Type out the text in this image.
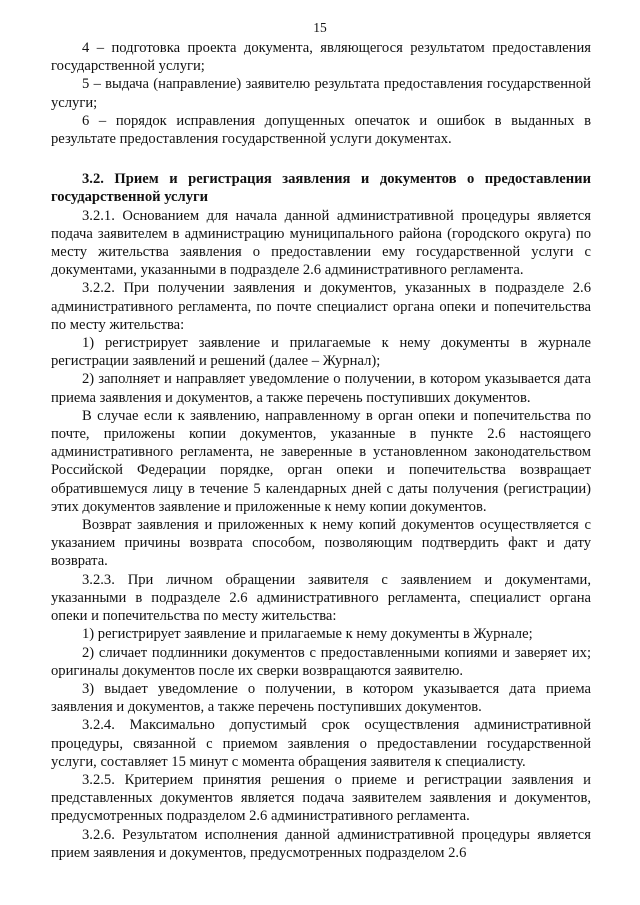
15

4 – подготовка проекта документа, являющегося результатом предоставления государственной услуги;

5 – выдача (направление) заявителю результата предоставления государственной услуги;

6 – порядок исправления допущенных опечаток и ошибок в выданных в результате предоставления государственной услуги документах.

3.2. Прием и регистрация заявления и документов о предоставлении государственной услуги

3.2.1. Основанием для начала данной административной процедуры является подача заявителем в администрацию муниципального района (городского округа) по месту жительства заявления о предоставлении ему государственной услуги с документами, указанными в подразделе 2.6 административного регламента.

3.2.2. При получении заявления и документов, указанных в подразделе 2.6 административного регламента, по почте специалист органа опеки и попечительства по месту жительства:

1) регистрирует заявление и прилагаемые к нему документы в журнале регистрации заявлений и решений (далее – Журнал);

2) заполняет и направляет уведомление о получении, в котором указывается дата приема заявления и документов, а также перечень поступивших документов.

В случае если к заявлению, направленному в орган опеки и попечительства по почте, приложены копии документов, указанные в пункте 2.6 настоящего административного регламента, не заверенные в установленном законодательством Российской Федерации порядке, орган опеки и попечительства возвращает обратившемуся лицу в течение 5 календарных дней с даты получения (регистрации) этих документов заявление и приложенные к нему копии документов.

Возврат заявления и приложенных к нему копий документов осуществляется с указанием причины возврата способом, позволяющим подтвердить факт и дату возврата.

3.2.3. При личном обращении заявителя с заявлением и документами, указанными в подразделе 2.6 административного регламента, специалист органа опеки и попечительства по месту жительства:

1) регистрирует заявление и прилагаемые к нему документы в Журнале;

2) сличает подлинники документов с предоставленными копиями и заверяет их; оригиналы документов после их сверки возвращаются заявителю.

3) выдает уведомление о получении, в котором указывается дата приема заявления и документов, а также перечень поступивших документов.

3.2.4. Максимально допустимый срок осуществления административной процедуры, связанной с приемом заявления о предоставлении государственной услуги, составляет 15 минут с момента обращения заявителя к специалисту.

3.2.5. Критерием принятия решения о приеме и регистрации заявления и представленных документов является подача заявителем заявления и документов, предусмотренных подразделом 2.6 административного регламента.

3.2.6. Результатом исполнения данной административной процедуры является прием заявления и документов, предусмотренных подразделом 2.6
